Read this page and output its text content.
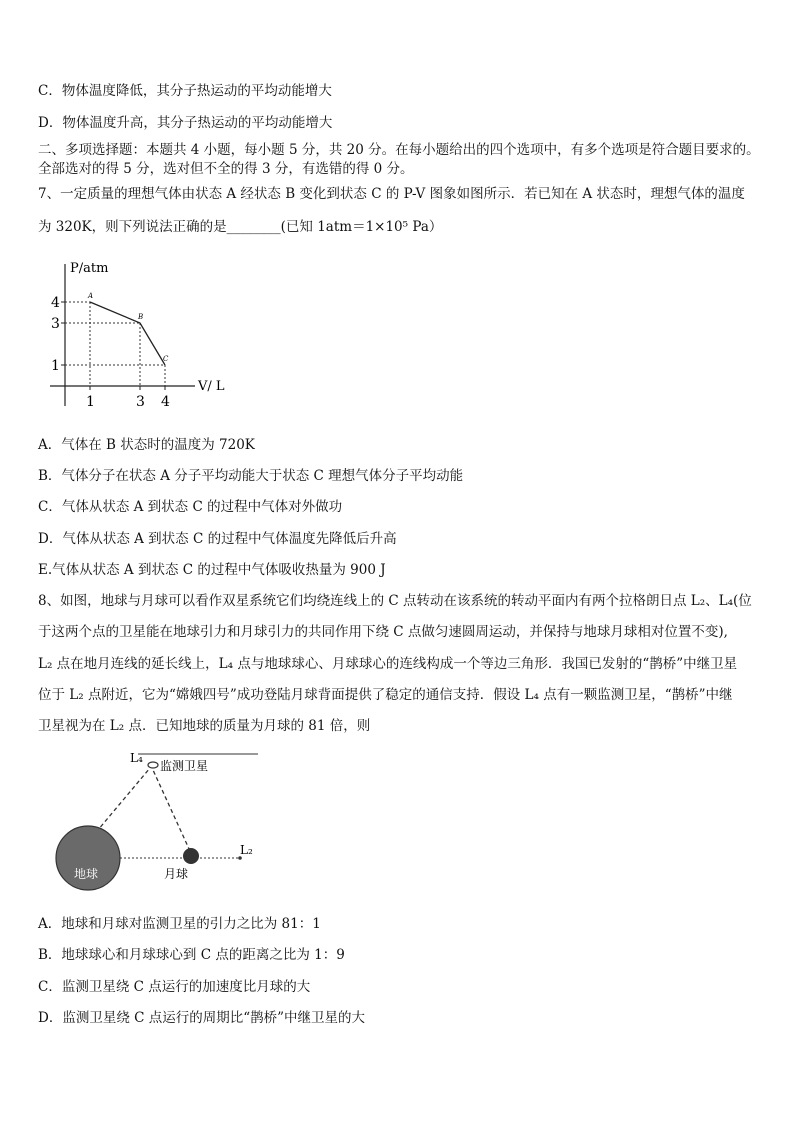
C．物体温度降低，其分子热运动的平均动能增大
D．物体温度升高，其分子热运动的平均动能增大
二、多项选择题：本题共 4 小题，每小题 5 分，共 20 分。在每小题给出的四个选项中，有多个选项是符合题目要求的。
全部选对的得 5 分，选对但不全的得 3 分，有选错的得 0 分。
7、一定质量的理想气体由状态 A 经状态 B 变化到状态 C 的 P-V 图象如图所示．若已知在 A 状态时，理想气体的温度
为 320K，则下列说法正确的是________(已知 1atm＝1×10⁵ Pa）
P/atm
V/ L
4
1
A
3
3
B
1
4
C
A．气体在 B 状态时的温度为 720K
B．气体分子在状态 A 分子平均动能大于状态 C 理想气体分子平均动能
C．气体从状态 A 到状态 C 的过程中气体对外做功
D．气体从状态 A 到状态 C 的过程中气体温度先降低后升高
E.气体从状态 A 到状态 C 的过程中气体吸收热量为 900 J
8、如图，地球与月球可以看作双星系统它们均绕连线上的 C 点转动在该系统的转动平面内有两个拉格朗日点 L₂、L₄(位
于这两个点的卫星能在地球引力和月球引力的共同作用下绕 C 点做匀速圆周运动，并保持与地球月球相对位置不变),
L₂ 点在地月连线的延长线上，L₄ 点与地球球心、月球球心的连线构成一个等边三角形．我国已发射的“鹊桥”中继卫星
位于 L₂ 点附近，它为“嫦娥四号”成功登陆月球背面提供了稳定的通信支持．假设 L₄ 点有一颗监测卫星，“鹊桥”中继
卫星视为在 L₂ 点．已知地球的质量为月球的 81 倍，则
L₄
监测卫星
地球	月球
L₂
A．地球和月球对监测卫星的引力之比为 81：1
B．地球球心和月球球心到 C 点的距离之比为 1：9
C．监测卫星绕 C 点运行的加速度比月球的大
D．监测卫星绕 C 点运行的周期比“鹊桥”中继卫星的大
